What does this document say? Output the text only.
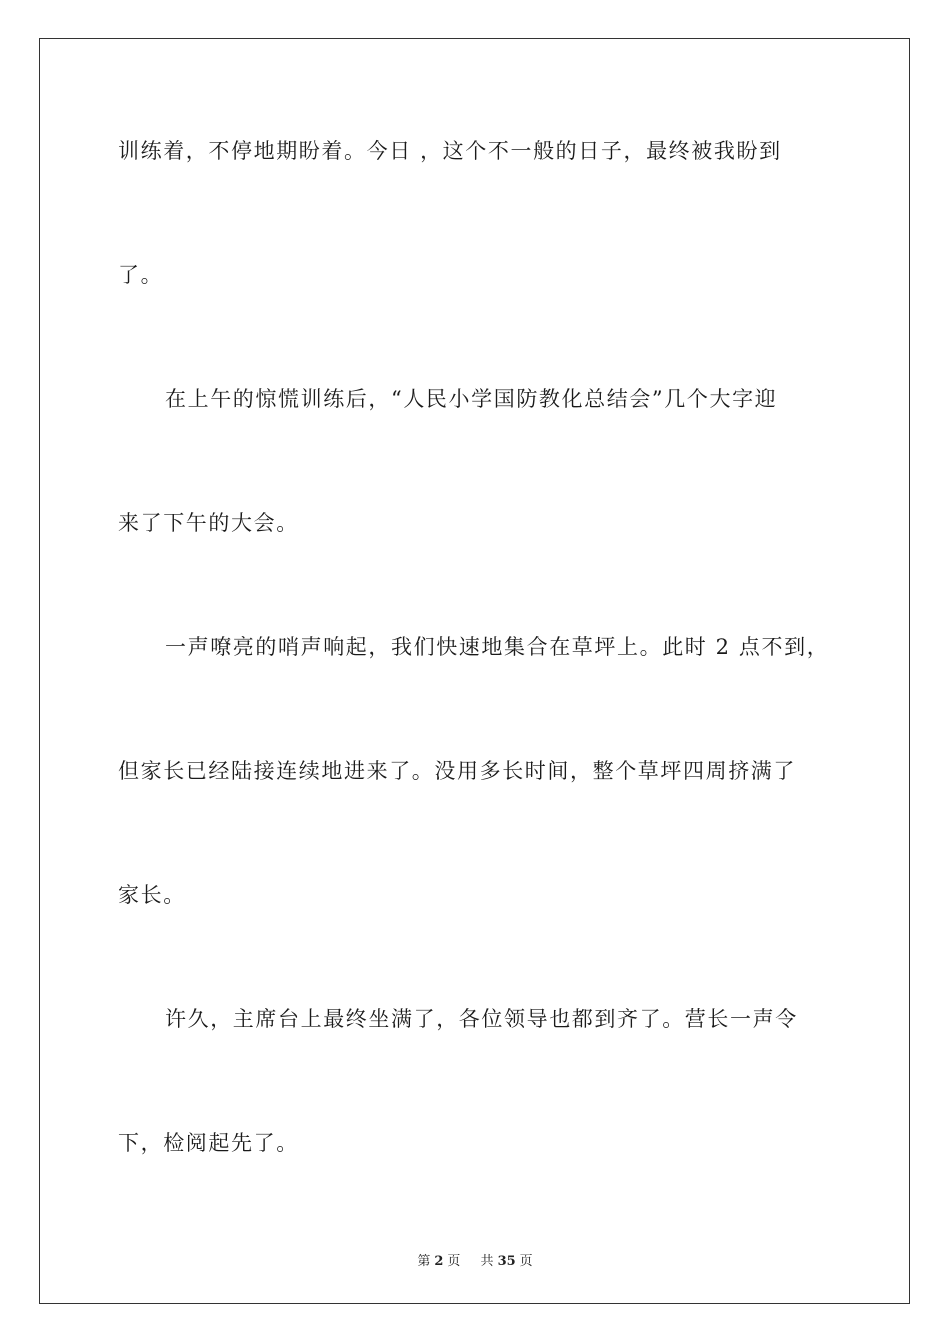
训练着，不停地期盼着。今日 ，这个不一般的日子，最终被我盼到
了。
在上午的惊慌训练后，“人民小学国防教化总结会”几个大字迎
来了下午的大会。
一声嘹亮的哨声响起，我们快速地集合在草坪上。此时 2 点不到，
但家长已经陆接连续地进来了。没用多长时间，整个草坪四周挤满了
家长。
许久，主席台上最终坐满了，各位领导也都到齐了。营长一声令
下，检阅起先了。
第 2 页 共 35 页
